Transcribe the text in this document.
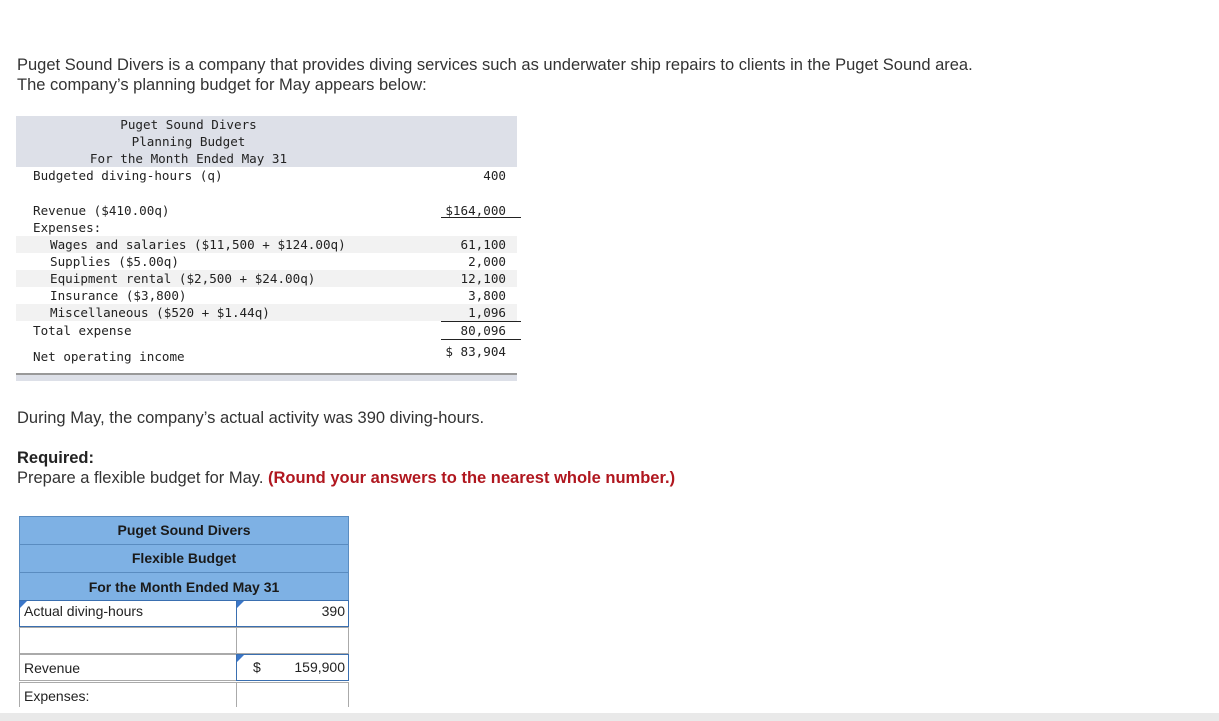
Puget Sound Divers is a company that provides diving services such as underwater ship repairs to clients in the Puget Sound area.

The company’s planning budget for May appears below:

Puget Sound Divers
Planning Budget
For the Month Ended May 31
Budgeted diving-hours (q)	400
Revenue ($410.00q)	$164,000
Expenses:
Wages and salaries ($11,500 + $124.00q)	61,100
Supplies ($5.00q)	2,000
Equipment rental ($2,500 + $24.00q)	12,100
Insurance ($3,800)	3,800
Miscellaneous ($520 + $1.44q)	1,096
Total expense	80,096
Net operating income	$ 83,904

During May, the company’s actual activity was 390 diving-hours.

Required:

Prepare a flexible budget for May. (Round your answers to the nearest whole number.)

Puget Sound Divers
Flexible Budget
For the Month Ended May 31
Actual diving-hours	390
Revenue	$ 159,900
Expenses:
